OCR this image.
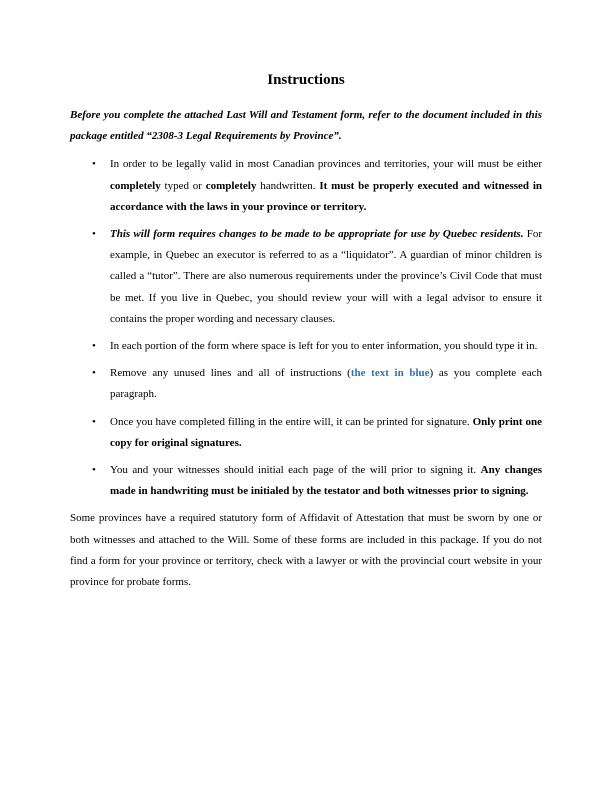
Instructions

Before you complete the attached Last Will and Testament form, refer to the document included in this package entitled “2308-3 Legal Requirements by Province”.

• In order to be legally valid in most Canadian provinces and territories, your will must be either completely typed or completely handwritten. It must be properly executed and witnessed in accordance with the laws in your province or territory.

• This will form requires changes to be made to be appropriate for use by Quebec residents. For example, in Quebec an executor is referred to as a “liquidator”. A guardian of minor children is called a “tutor”. There are also numerous requirements under the province’s Civil Code that must be met. If you live in Quebec, you should review your will with a legal advisor to ensure it contains the proper wording and necessary clauses.

• In each portion of the form where space is left for you to enter information, you should type it in.

• Remove any unused lines and all of instructions (the text in blue) as you complete each paragraph.

• Once you have completed filling in the entire will, it can be printed for signature. Only print one copy for original signatures.

• You and your witnesses should initial each page of the will prior to signing it. Any changes made in handwriting must be initialed by the testator and both witnesses prior to signing.

Some provinces have a required statutory form of Affidavit of Attestation that must be sworn by one or both witnesses and attached to the Will. Some of these forms are included in this package. If you do not find a form for your province or territory, check with a lawyer or with the provincial court website in your province for probate forms.
